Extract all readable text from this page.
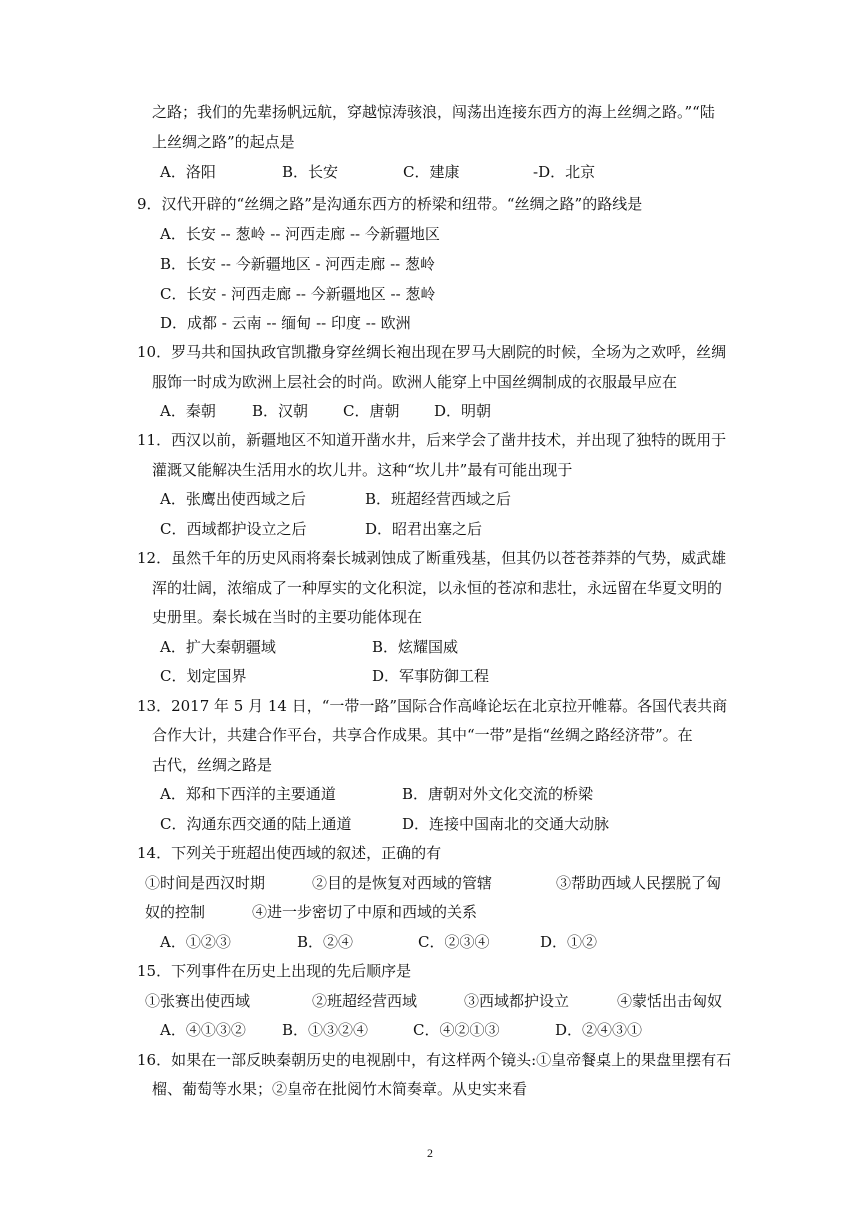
之路；我们的先辈扬帆远航，穿越惊涛骇浪，闯荡出连接东西方的海上丝绸之路。”“陆
上丝绸之路”的起点是
A．洛阳	B．长安	C．建康	-D．北京
9．汉代开辟的“丝绸之路”是沟通东西方的桥梁和纽带。“丝绸之路”的路线是
A．长安 -- 葱岭 -- 河西走廊 -- 今新疆地区
B．长安 -- 今新疆地区 - 河西走廊 -- 葱岭
C．长安 - 河西走廊 -- 今新疆地区 -- 葱岭
D．成都 - 云南 -- 缅甸 -- 印度 -- 欧洲
10．罗马共和国执政官凯撒身穿丝绸长袍出现在罗马大剧院的时候，全场为之欢呼，丝绸
服饰一时成为欧洲上层社会的时尚。欧洲人能穿上中国丝绸制成的衣服最早应在
A．秦朝 B．汉朝 C．唐朝 D．明朝
11．西汉以前，新疆地区不知道开凿水井，后来学会了凿井技术，并出现了独特的既用于
灌溉又能解决生活用水的坎儿井。这种“坎儿井”最有可能出现于
A．张鹰出使西域之后	B．班超经营西域之后
C．西域都护设立之后	D．昭君出塞之后
12．虽然千年的历史风雨将秦长城剥蚀成了断重残基，但其仍以苍苍莽莽的气势，威武雄
浑的壮阔，浓缩成了一种厚实的文化积淀，以永恒的苍凉和悲壮，永远留在华夏文明的
史册里。秦长城在当时的主要功能体现在
A．扩大秦朝疆域	B．炫耀国威
C．划定国界	D．军事防御工程
13．2017 年 5 月 14 日，“一带一路”国际合作高峰论坛在北京拉开帷幕。各国代表共商
合作大计，共建合作平台，共享合作成果。其中“一带”是指“丝绸之路经济带”。在
古代，丝绸之路是
A．郑和下西洋的主要通道	B．唐朝对外文化交流的桥梁
C．沟通东西交通的陆上通道	D．连接中国南北的交通大动脉
14．下列关于班超出使西域的叙述，正确的有
①时间是西汉时期	②目的是恢复对西域的管辖	③帮助西域人民摆脱了匈
奴的控制	④进一步密切了中原和西域的关系
A．①②③	B．②④	C．②③④	D．①②
15．下列事件在历史上出现的先后顺序是
①张赛出使西域	②班超经营西域	③西域都护设立	④蒙恬出击匈奴
A．④①③② B．①③②④	C．④②①③	D．②④③①
16．如果在一部反映秦朝历史的电视剧中，有这样两个镜头:①皇帝餐桌上的果盘里摆有石
榴、葡萄等水果；②皇帝在批阅竹木简奏章。从史实来看
2
